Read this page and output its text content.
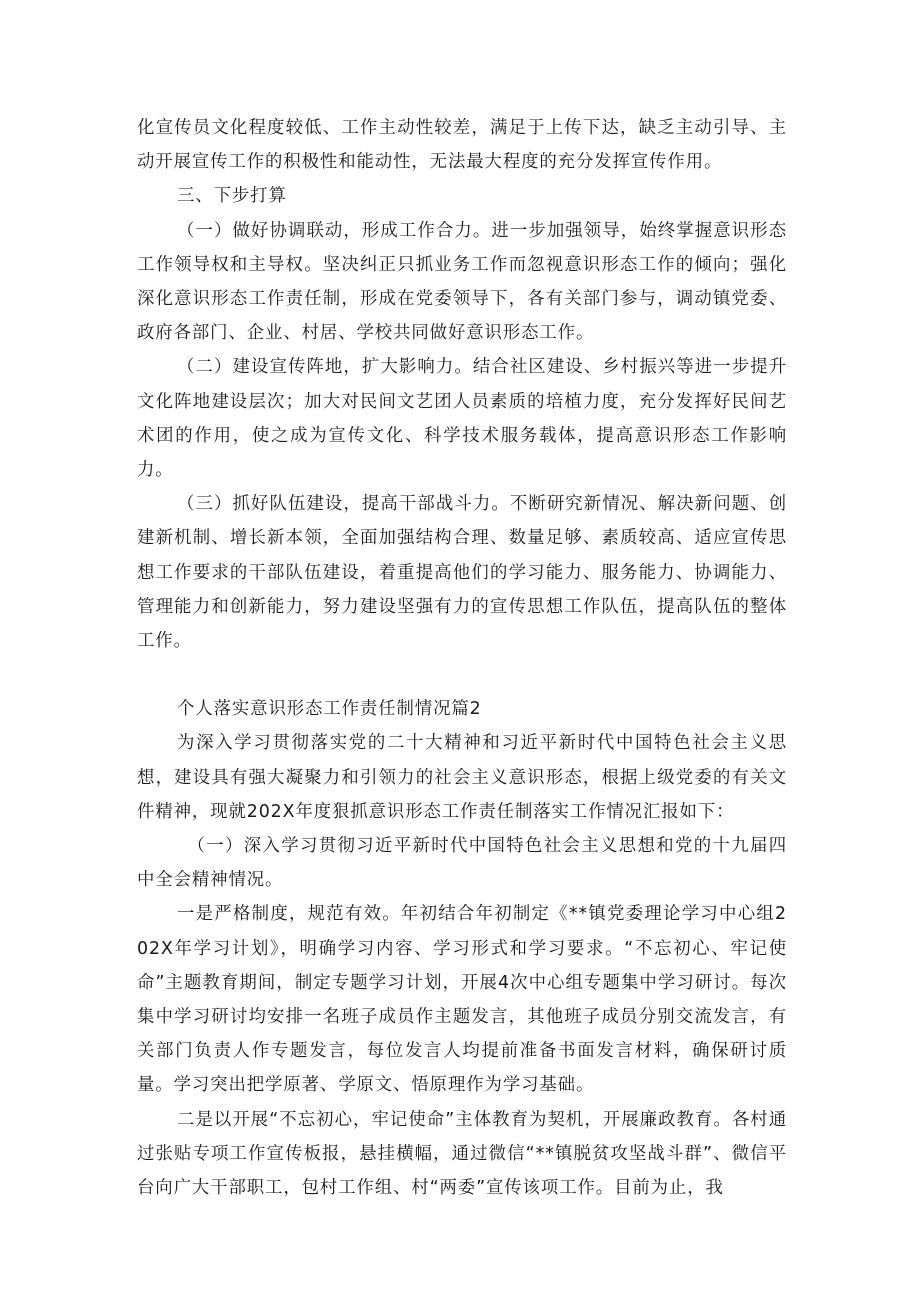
化宣传员文化程度较低、工作主动性较差，满足于上传下达，缺乏主动引导、主动开展宣传工作的积极性和能动性，无法最大程度的充分发挥宣传作用。

三、下步打算

（一）做好协调联动，形成工作合力。进一步加强领导，始终掌握意识形态工作领导权和主导权。坚决纠正只抓业务工作而忽视意识形态工作的倾向；强化深化意识形态工作责任制，形成在党委领导下，各有关部门参与，调动镇党委、政府各部门、企业、村居、学校共同做好意识形态工作。

（二）建设宣传阵地，扩大影响力。结合社区建设、乡村振兴等进一步提升文化阵地建设层次；加大对民间文艺团人员素质的培植力度，充分发挥好民间艺术团的作用，使之成为宣传文化、科学技术服务载体，提高意识形态工作影响力。

（三）抓好队伍建设，提高干部战斗力。不断研究新情况、解决新问题、创建新机制、增长新本领，全面加强结构合理、数量足够、素质较高、适应宣传思想工作要求的干部队伍建设，着重提高他们的学习能力、服务能力、协调能力、管理能力和创新能力，努力建设坚强有力的宣传思想工作队伍，提高队伍的整体工作。

个人落实意识形态工作责任制情况篇2

为深入学习贯彻落实党的二十大精神和习近平新时代中国特色社会主义思想，建设具有强大凝聚力和引领力的社会主义意识形态，根据上级党委的有关文件精神，现就202X年度狠抓意识形态工作责任制落实工作情况汇报如下：

（一）深入学习贯彻习近平新时代中国特色社会主义思想和党的十九届四中全会精神情况。

一是严格制度，规范有效。年初结合年初制定《**镇党委理论学习中心组202X年学习计划》，明确学习内容、学习形式和学习要求。“不忘初心、牢记使命”主题教育期间，制定专题学习计划，开展4次中心组专题集中学习研讨。每次集中学习研讨均安排一名班子成员作主题发言，其他班子成员分别交流发言，有关部门负责人作专题发言，每位发言人均提前准备书面发言材料，确保研讨质量。学习突出把学原著、学原文、悟原理作为学习基础。

二是以开展“不忘初心，牢记使命”主体教育为契机，开展廉政教育。各村通过张贴专项工作宣传板报，悬挂横幅，通过微信“**镇脱贫攻坚战斗群”、微信平台向广大干部职工，包村工作组、村“两委”宣传该项工作。目前为止，我
